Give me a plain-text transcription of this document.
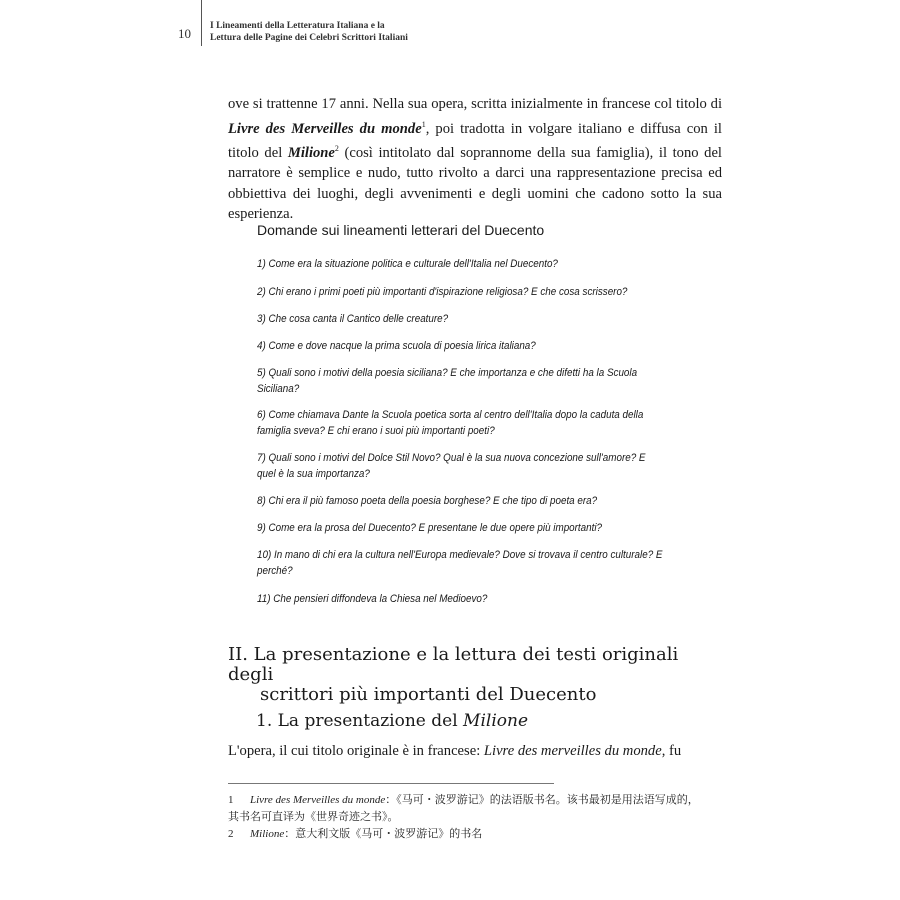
10 I Lineamenti della Letteratura Italiana e la
Lettura delle Pagine dei Celebri Scrittori Italiani
ove si trattenne 17 anni. Nella sua opera, scritta inizialmente in francese col titolo di Livre des Merveilles du monde$^1$, poi tradotta in volgare italiano e diffusa con il titolo del Milione$^2$ (così intitolato dal soprannome della sua famiglia), il tono del narratore è semplice e nudo, tutto rivolto a darci una rappresentazione precisa ed obbiettiva dei luoghi, degli avvenimenti e degli uomini che cadono sotto la sua esperienza.
Domande sui lineamenti letterari del Duecento
1) Come era la situazione politica e culturale dell'Italia nel Duecento?
2) Chi erano i primi poeti più importanti d'ispirazione religiosa? E che cosa scrissero?
3) Che cosa canta il Cantico delle creature?
4) Come e dove nacque la prima scuola di poesia lirica italiana?
5) Quali sono i motivi della poesia siciliana? E che importanza e che difetti ha la Scuola Siciliana?
6) Come chiamava Dante la Scuola poetica sorta al centro dell'Italia dopo la caduta della famiglia sveva? E chi erano i suoi più importanti poeti?
7) Quali sono i motivi del Dolce Stil Novo? Qual è la sua nuova concezione sull'amore? E quel è la sua importanza?
8) Chi era il più famoso poeta della poesia borghese? E che tipo di poeta era?
9) Come era la prosa del Duecento? E presentane le due opere più importanti?
10) In mano di chi era la cultura nell'Europa medievale? Dove si trovava il centro culturale? E perché?
11) Che pensieri diffondeva la Chiesa nel Medioevo?
II. La presentazione e la lettura dei testi originali degli
scrittori più importanti del Duecento
1. La presentazione del Milione
L'opera, il cui titolo originale è in francese: Livre des merveilles du monde, fu
1 Livre des Merveilles du monde：《马可・波罗游记》的法语版书名。该书最初是用法语写成的，其书名可直译为《世界奇迹之书》。
2 Milione：意大利文版《马可・波罗游记》的书名
